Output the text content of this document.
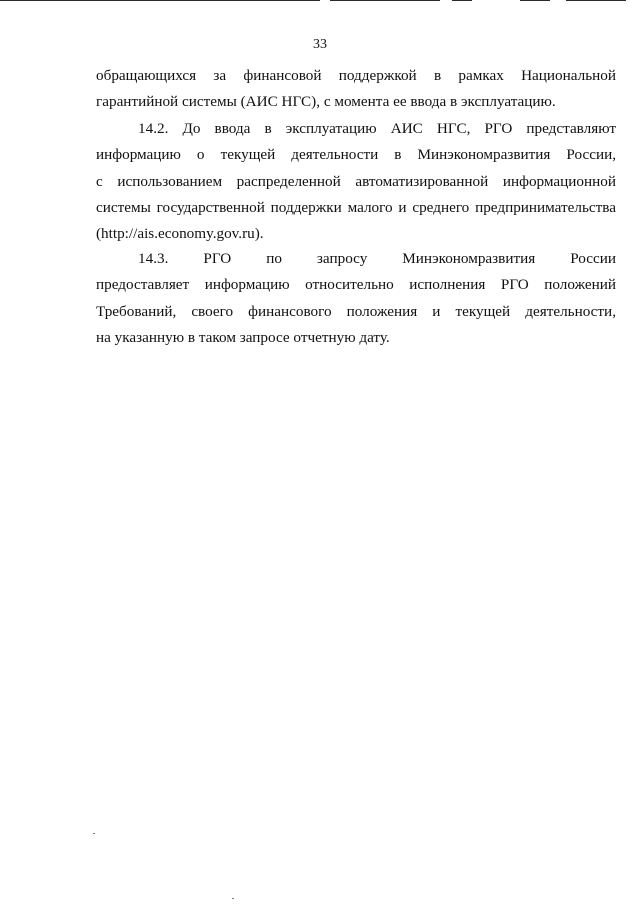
33
обращающихся за финансовой поддержкой в рамках Национальной
гарантийной системы (АИС НГС), с момента ее ввода в эксплуатацию.
14.2. До ввода в эксплуатацию АИС НГС, РГО представляют
информацию о текущей деятельности в Минэкономразвития России,
с использованием распределенной автоматизированной информационной
системы государственной поддержки малого и среднего предпринимательства
(http://ais.economy.gov.ru).
14.3. РГО по запросу Минэкономразвития России
предоставляет информацию относительно исполнения РГО положений
Требований, своего финансового положения и текущей деятельности,
на указанную в таком запросе отчетную дату.
